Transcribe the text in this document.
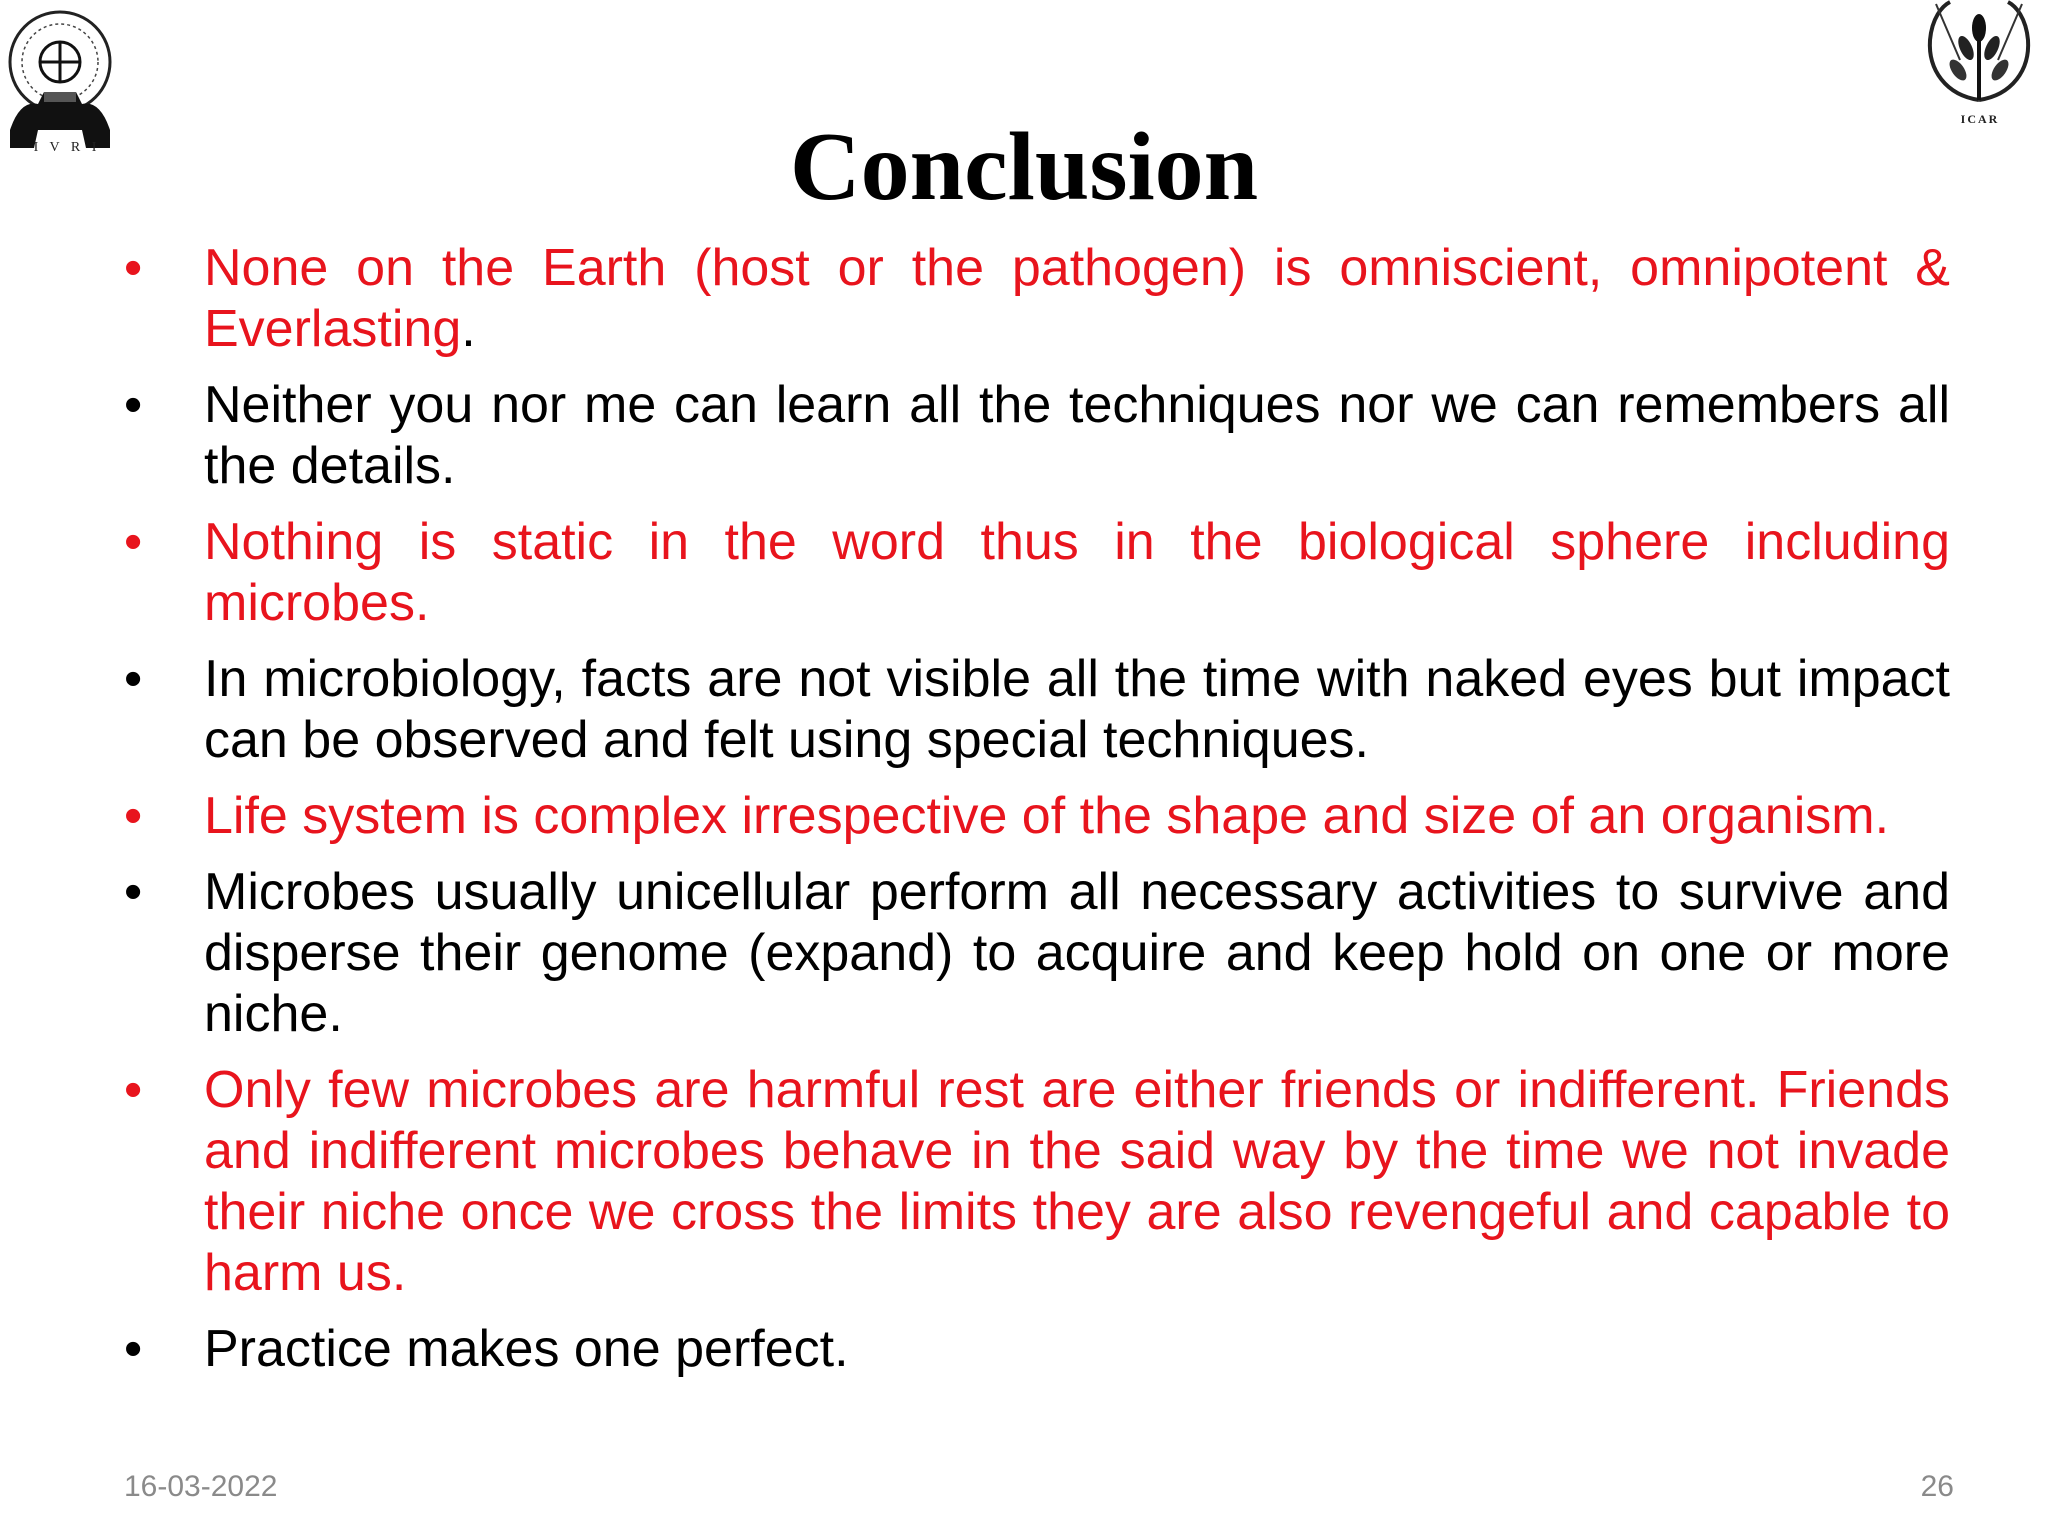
I V R I
ICAR
Conclusion
• None on the Earth (host or the pathogen) is omniscient, omnipotent & Everlasting.
• Neither you nor me can learn all the techniques nor we can remembers all the details.
• Nothing is static in the word thus in the biological sphere including microbes.
• In microbiology, facts are not visible all the time with naked eyes but impact can be observed and felt using special techniques.
• Life system is complex irrespective of the shape and size of an organism.
• Microbes usually unicellular perform all necessary activities to survive and disperse their genome (expand) to acquire and keep hold on one or more niche.
• Only few microbes are harmful rest are either friends or indifferent. Friends and indifferent microbes behave in the said way by the time we not invade their niche once we cross the limits they are also revengeful and capable to harm us.
• Practice makes one perfect.
16-03-2022	26
